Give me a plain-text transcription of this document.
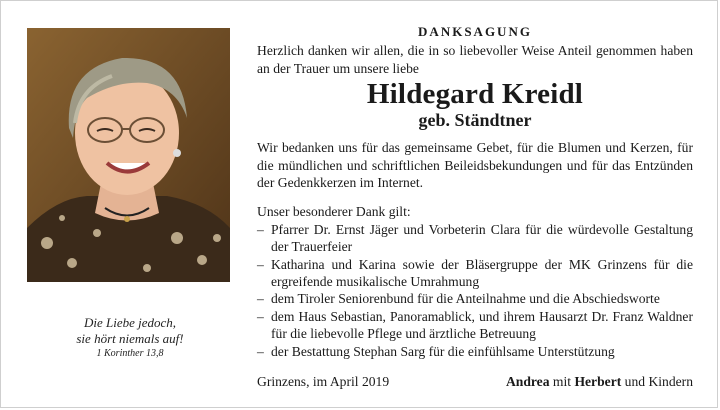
Die Liebe jedoch,
sie hört niemals auf!
1 Korinther 13,8
DANKSAGUNG
Herzlich danken wir allen, die in so liebevoller Weise Anteil genommen haben an der Trauer um unsere liebe
Hildegard Kreidl
geb. Ständtner
Wir bedanken uns für das gemeinsame Gebet, für die Blumen und Kerzen, für die mündlichen und schriftlichen Beileidsbekundungen und für das Entzünden der Gedenkkerzen im Internet.
Unser besonderer Dank gilt:
– Pfarrer Dr. Ernst Jäger und Vorbeterin Clara für die würdevolle Gestaltung der Trauerfeier
– Katharina und Karina sowie der Bläsergruppe der MK Grinzens für die ergreifende musikalische Umrahmung
– dem Tiroler Seniorenbund für die Anteilnahme und die Abschiedsworte
– dem Haus Sebastian, Panoramablick, und ihrem Hausarzt Dr. Franz Waldner für die liebevolle Pflege und ärztliche Betreuung
– der Bestattung Stephan Sarg für die einfühlsame Unterstützung
Grinzens, im April 2019	Andrea mit Herbert und Kindern
